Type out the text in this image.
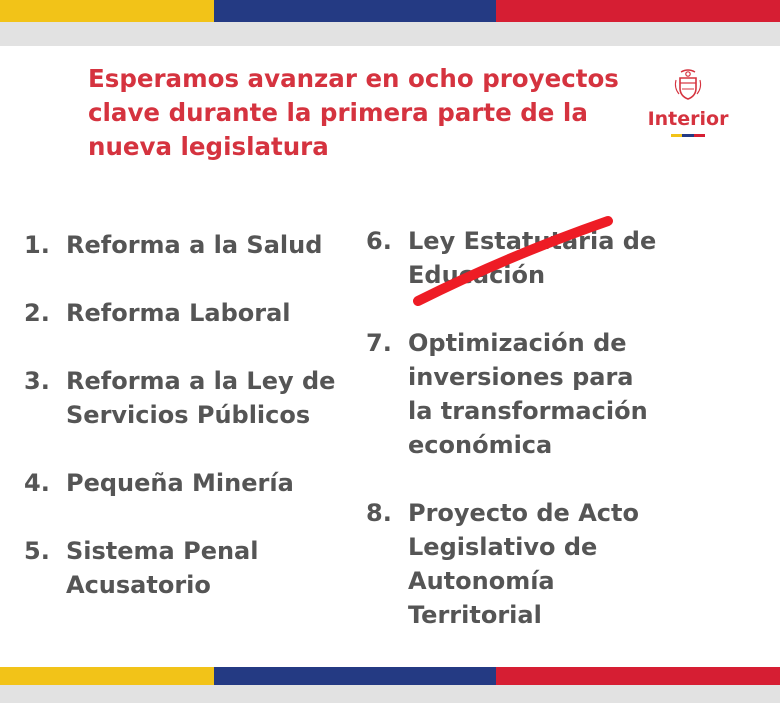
Esperamos avanzar en ocho proyectos clave durante la primera parte de la nueva legislatura
Interior
1. Reforma a la Salud
2. Reforma Laboral
3. Reforma a la Ley de Servicios Públicos
4. Pequeña Minería
5. Sistema Penal Acusatorio
6. Ley Estatutaria de Educación
7. Optimización de inversiones para la transformación económica
8. Proyecto de Acto Legislativo de Autonomía Territorial
